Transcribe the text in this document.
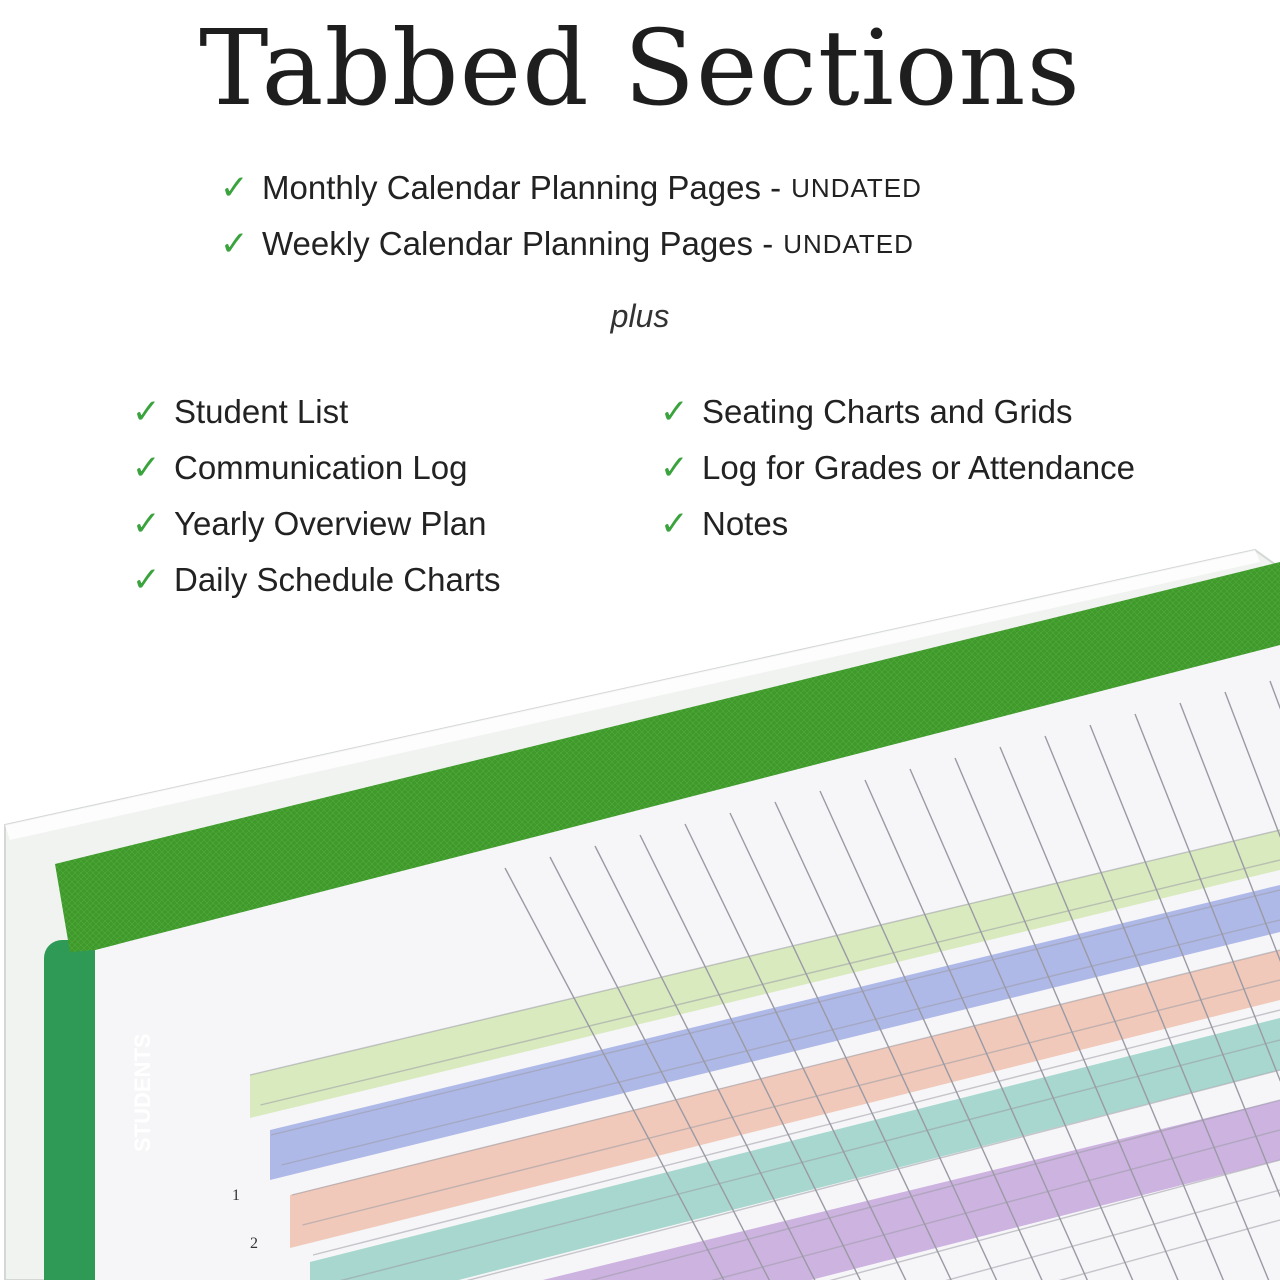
Tabbed Sections
✓ Monthly Calendar Planning Pages - UNDATED
✓ Weekly Calendar Planning Pages - UNDATED
plus
✓ Student List
✓ Communication Log
✓ Yearly Overview Plan
✓ Daily Schedule Charts
✓ Seating Charts and Grids
✓ Log for Grades or Attendance
✓ Notes
STUDENT LOG / CHECKLIST
STUDENTS
1
2
